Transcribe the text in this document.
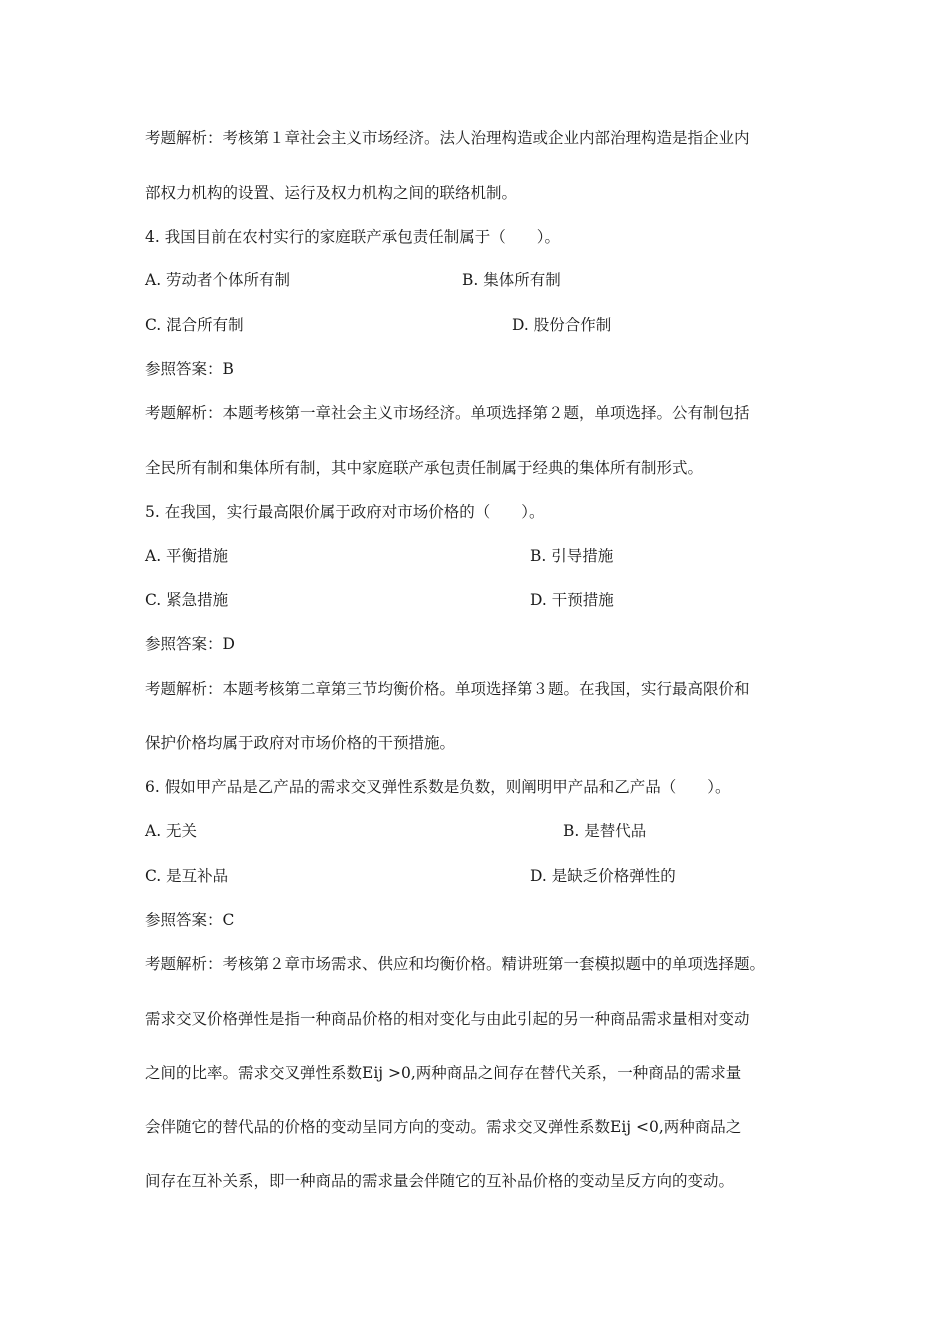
考题解析：考核第１章社会主义市场经济。法人治理构造或企业内部治理构造是指企业内
部权力机构的设置、运行及权力机构之间的联络机制。
4. 我国目前在农村实行的家庭联产承包责任制属于（　　）。
A. 劳动者个体所有制	B. 集体所有制
C. 混合所有制	D. 股份合作制
参照答案：B
考题解析：本题考核第一章社会主义市场经济。单项选择第２题，单项选择。公有制包括
全民所有制和集体所有制，其中家庭联产承包责任制属于经典的集体所有制形式。
5. 在我国，实行最高限价属于政府对市场价格的（　　）。
A. 平衡措施	B. 引导措施
C. 紧急措施	D. 干预措施
参照答案：D
考题解析：本题考核第二章第三节均衡价格。单项选择第３题。在我国，实行最高限价和
保护价格均属于政府对市场价格的干预措施。
6. 假如甲产品是乙产品的需求交叉弹性系数是负数，则阐明甲产品和乙产品（　　）。
A. 无关	B. 是替代品
C. 是互补品	D. 是缺乏价格弹性的
参照答案：C
考题解析：考核第２章市场需求、供应和均衡价格。精讲班第一套模拟题中的单项选择题。
需求交叉价格弹性是指一种商品价格的相对变化与由此引起的另一种商品需求量相对变动
之间的比率。需求交叉弹性系数Eij >0,两种商品之间存在替代关系，一种商品的需求量
会伴随它的替代品的价格的变动呈同方向的变动。需求交叉弹性系数Eij <0,两种商品之
间存在互补关系，即一种商品的需求量会伴随它的互补品价格的变动呈反方向的变动。
